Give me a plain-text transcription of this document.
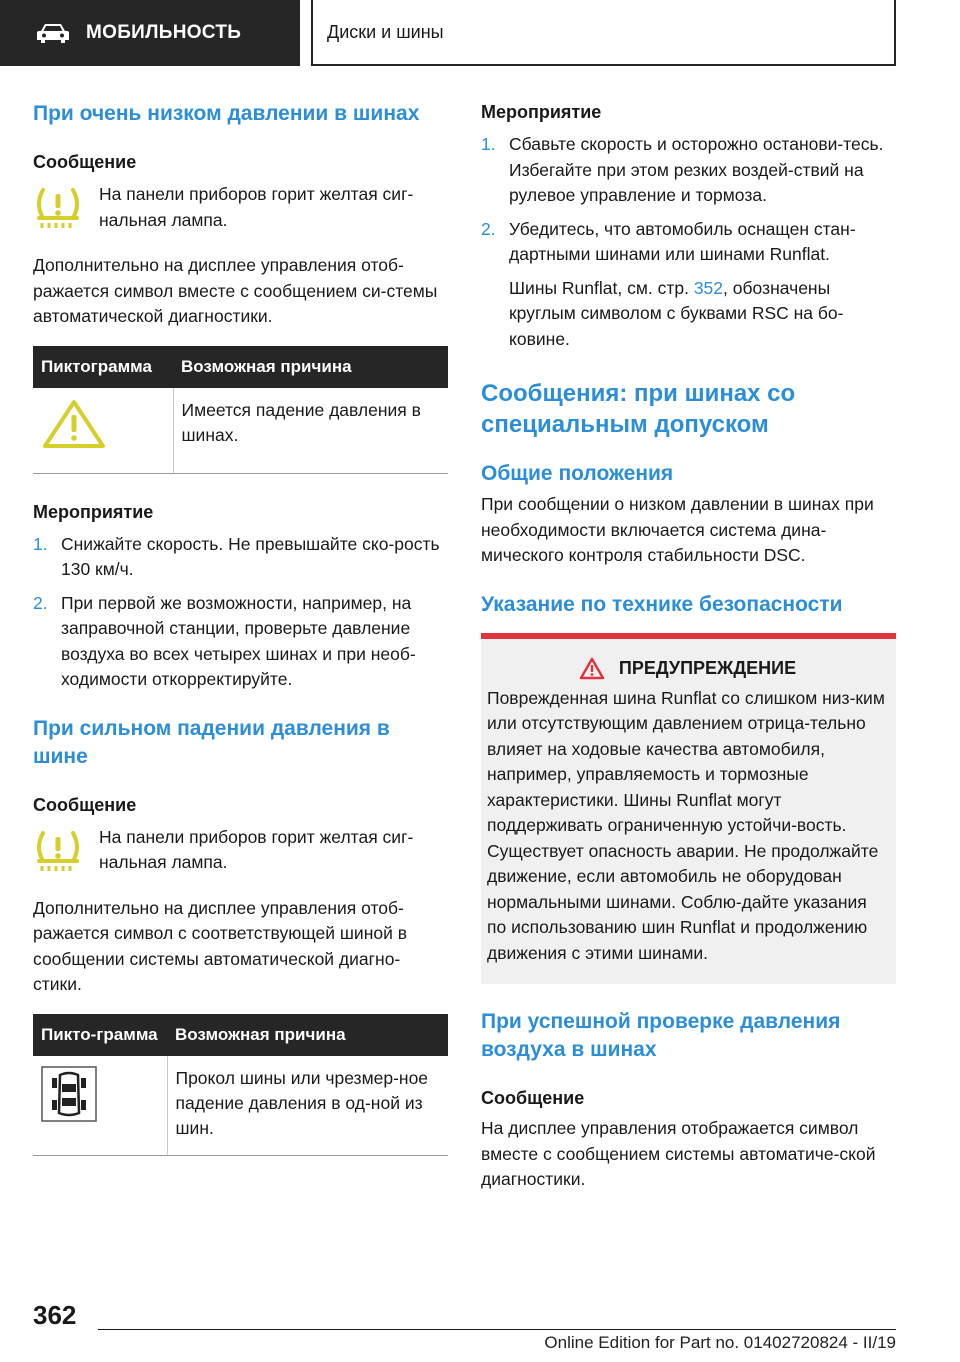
МОБИЛЬНОСТЬ	Диски и шины
При очень низком давлении в шинах
Сообщение
На панели приборов горит желтая сиг-нальная лампа.
Дополнительно на дисплее управления отоб-ражается символ вместе с сообщением си-стемы автоматической диагностики.
Пиктограмма	Возможная причина
	Имеется падение давления в шинах.
Мероприятие
1. Снижайте скорость. Не превышайте ско-рость 130 км/ч.
2. При первой же возможности, например, на заправочной станции, проверьте давление воздуха во всех четырех шинах и при необ-ходимости откорректируйте.
При сильном падении давления в шине
Сообщение
На панели приборов горит желтая сиг-нальная лампа.
Дополнительно на дисплее управления отоб-ражается символ с соответствующей шиной в сообщении системы автоматической диагно-стики.
Пикто-грамма	Возможная причина
	Прокол шины или чрезмер-ное падение давления в од-ной из шин.
Мероприятие
1. Сбавьте скорость и осторожно останови-тесь. Избегайте при этом резких воздей-ствий на рулевое управление и тормоза.
2. Убедитесь, что автомобиль оснащен стан-дартными шинами или шинами Runflat.
Шины Runflat, см. стр. 352, обозначены круглым символом с буквами RSC на бо-ковине.
Сообщения: при шинах со специальным допуском
Общие положения
При сообщении о низком давлении в шинах при необходимости включается система дина-мического контроля стабильности DSC.
Указание по технике безопасности
ПРЕДУПРЕЖДЕНИЕ
Поврежденная шина Runflat со слишком низ-ким или отсутствующим давлением отрица-тельно влияет на ходовые качества автомобиля, например, управляемость и тормозные характеристики. Шины Runflat могут поддерживать ограниченную устойчи-вость. Существует опасность аварии. Не продолжайте движение, если автомобиль не оборудован нормальными шинами. Соблю-дайте указания по использованию шин Runflat и продолжению движения с этими шинами.
При успешной проверке давления воздуха в шинах
Сообщение
На дисплее управления отображается символ вместе с сообщением системы автоматиче-ской диагностики.
362
Online Edition for Part no. 01402720824 - II/19
